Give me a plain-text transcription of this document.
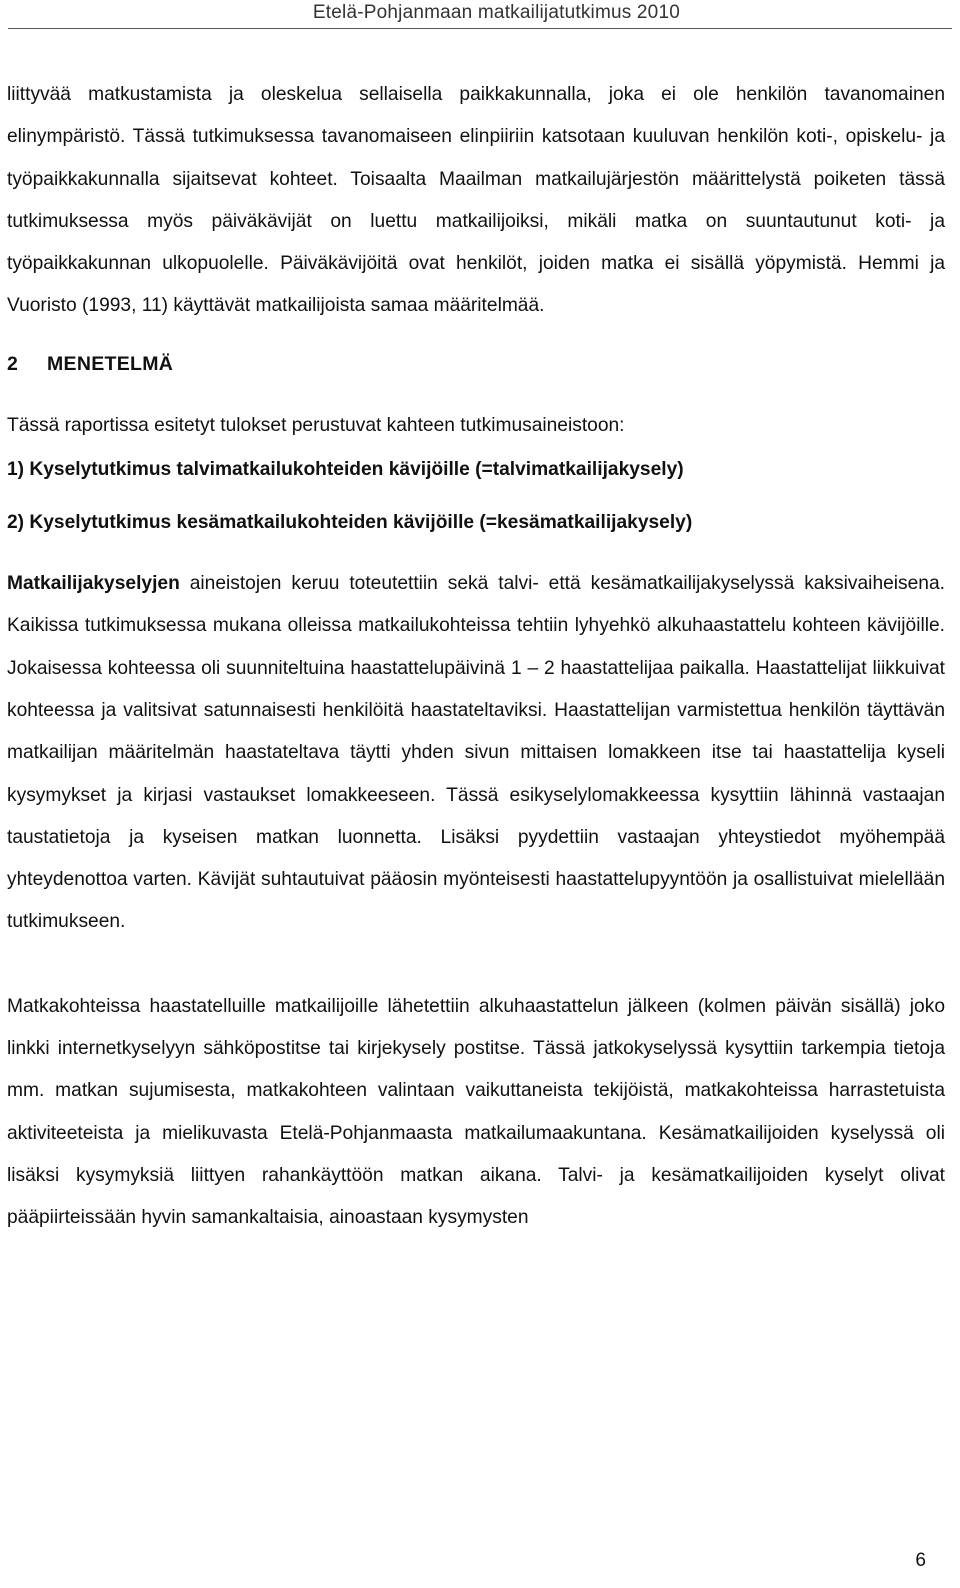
Etelä-Pohjanmaan matkailijatutkimus 2010

liittyvää matkustamista ja oleskelua sellaisella paikkakunnalla, joka ei ole henkilön tavanomainen elinympäristö. Tässä tutkimuksessa tavanomaiseen elinpiiriin katsotaan kuuluvan henkilön koti-, opiskelu- ja työpaikkakunnalla sijaitsevat kohteet. Toisaalta Maailman matkailujärjestön määrittelystä poiketen tässä tutkimuksessa myös päiväkävijät on luettu matkailijoiksi, mikäli matka on suuntautunut koti- ja työpaikkakunnan ulkopuolelle. Päiväkävijöitä ovat henkilöt, joiden matka ei sisällä yöpymistä. Hemmi ja Vuoristo (1993, 11) käyttävät matkailijoista samaa määritelmää.

2 MENETELMÄ

Tässä raportissa esitetyt tulokset perustuvat kahteen tutkimusaineistoon:

1) Kyselytutkimus talvimatkailukohteiden kävijöille (=talvimatkailijakysely)
2) Kyselytutkimus kesämatkailukohteiden kävijöille (=kesämatkailijakysely)

Matkailijakyselyjen aineistojen keruu toteutettiin sekä talvi- että kesämatkailijakyselyssä kaksivaiheisena. Kaikissa tutkimuksessa mukana olleissa matkailukohteissa tehtiin lyhyehkö alkuhaastattelu kohteen kävijöille. Jokaisessa kohteessa oli suunniteltuina haastattelupäivinä 1 – 2 haastattelijaa paikalla. Haastattelijat liikkuivat kohteessa ja valitsivat satunnaisesti henkilöitä haastateltaviksi. Haastattelijan varmistettua henkilön täyttävän matkailijan määritelmän haastateltava täytti yhden sivun mittaisen lomakkeen itse tai haastattelija kyseli kysymykset ja kirjasi vastaukset lomakkeeseen. Tässä esikyselylomakkeessa kysyttiin lähinnä vastaajan taustatietoja ja kyseisen matkan luonnetta. Lisäksi pyydettiin vastaajan yhteystiedot myöhempää yhteydenottoa varten. Kävijät suhtautuivat pääosin myönteisesti haastattelupyyntöön ja osallistuivat mielellään tutkimukseen.

Matkakohteissa haastatelluille matkailijoille lähetettiin alkuhaastattelun jälkeen (kolmen päivän sisällä) joko linkki internetkyselyyn sähköpostitse tai kirjekysely postitse. Tässä jatkokyselyssä kysyttiin tarkempia tietoja mm. matkan sujumisesta, matkakohteen valintaan vaikuttaneista tekijöistä, matkakohteissa harrastetuista aktiviteeteista ja mielikuvasta Etelä-Pohjanmaasta matkailumaakuntana. Kesämatkailijoiden kyselyssä oli lisäksi kysymyksiä liittyen rahankäyttöön matkan aikana. Talvi- ja kesämatkailijoiden kyselyt olivat pääpiirteissään hyvin samankaltaisia, ainoastaan kysymysten

6
